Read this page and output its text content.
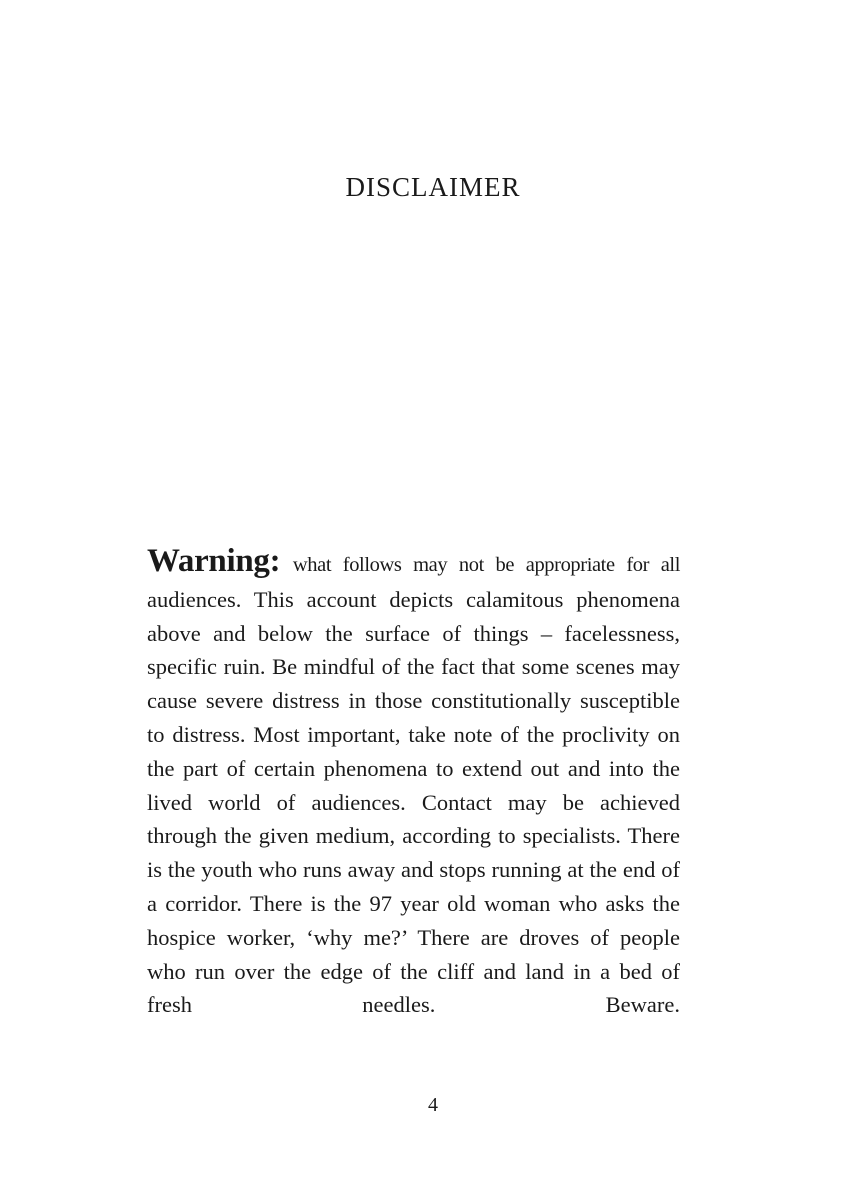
DISCLAIMER

Warning: what follows may not be appropriate for all audiences. This account depicts calamitous phenomena above and below the surface of things – facelessness, specific ruin. Be mindful of the fact that some scenes may cause severe distress in those constitutionally susceptible to distress. Most important, take note of the proclivity on the part of certain phenomena to extend out and into the lived world of audiences. Contact may be achieved through the given medium, according to specialists. There is the youth who runs away and stops running at the end of a corridor. There is the 97 year old woman who asks the hospice worker, ‘why me?’ There are droves of people who run over the edge of the cliff and land in a bed of fresh needles. Beware.

4
